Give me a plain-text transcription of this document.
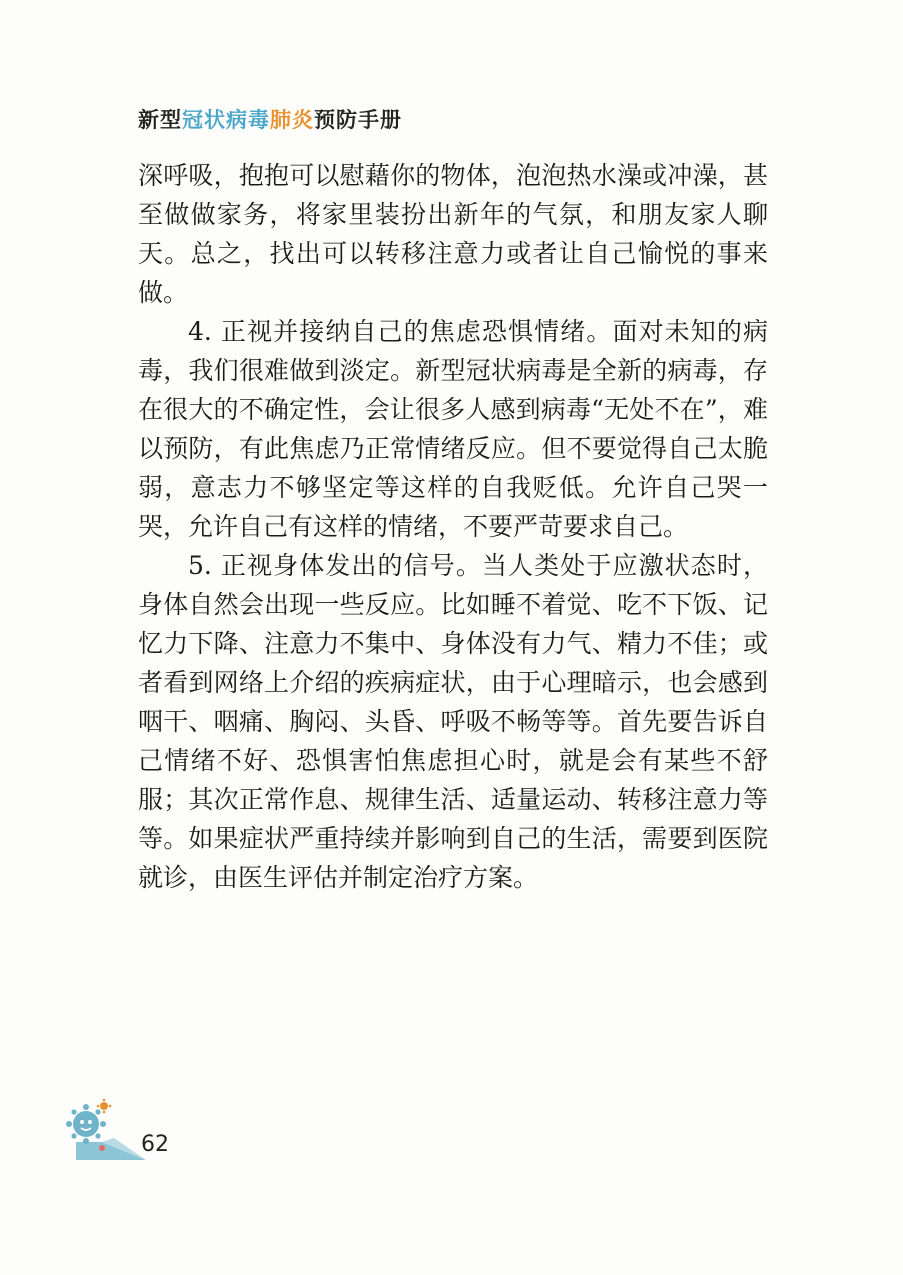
新型冠状病毒肺炎预防手册

深呼吸，抱抱可以慰藉你的物体，泡泡热水澡或冲澡，甚至做做家务，将家里装扮出新年的气氛，和朋友家人聊天。总之，找出可以转移注意力或者让自己愉悦的事来做。

4. 正视并接纳自己的焦虑恐惧情绪。面对未知的病毒，我们很难做到淡定。新型冠状病毒是全新的病毒，存在很大的不确定性，会让很多人感到病毒“无处不在”，难以预防，有此焦虑乃正常情绪反应。但不要觉得自己太脆弱，意志力不够坚定等这样的自我贬低。允许自己哭一哭，允许自己有这样的情绪，不要严苛要求自己。

5. 正视身体发出的信号。当人类处于应激状态时，身体自然会出现一些反应。比如睡不着觉、吃不下饭、记忆力下降、注意力不集中、身体没有力气、精力不佳；或者看到网络上介绍的疾病症状，由于心理暗示，也会感到咽干、咽痛、胸闷、头昏、呼吸不畅等等。首先要告诉自己情绪不好、恐惧害怕焦虑担心时，就是会有某些不舒服；其次正常作息、规律生活、适量运动、转移注意力等等。如果症状严重持续并影响到自己的生活，需要到医院就诊，由医生评估并制定治疗方案。

62
